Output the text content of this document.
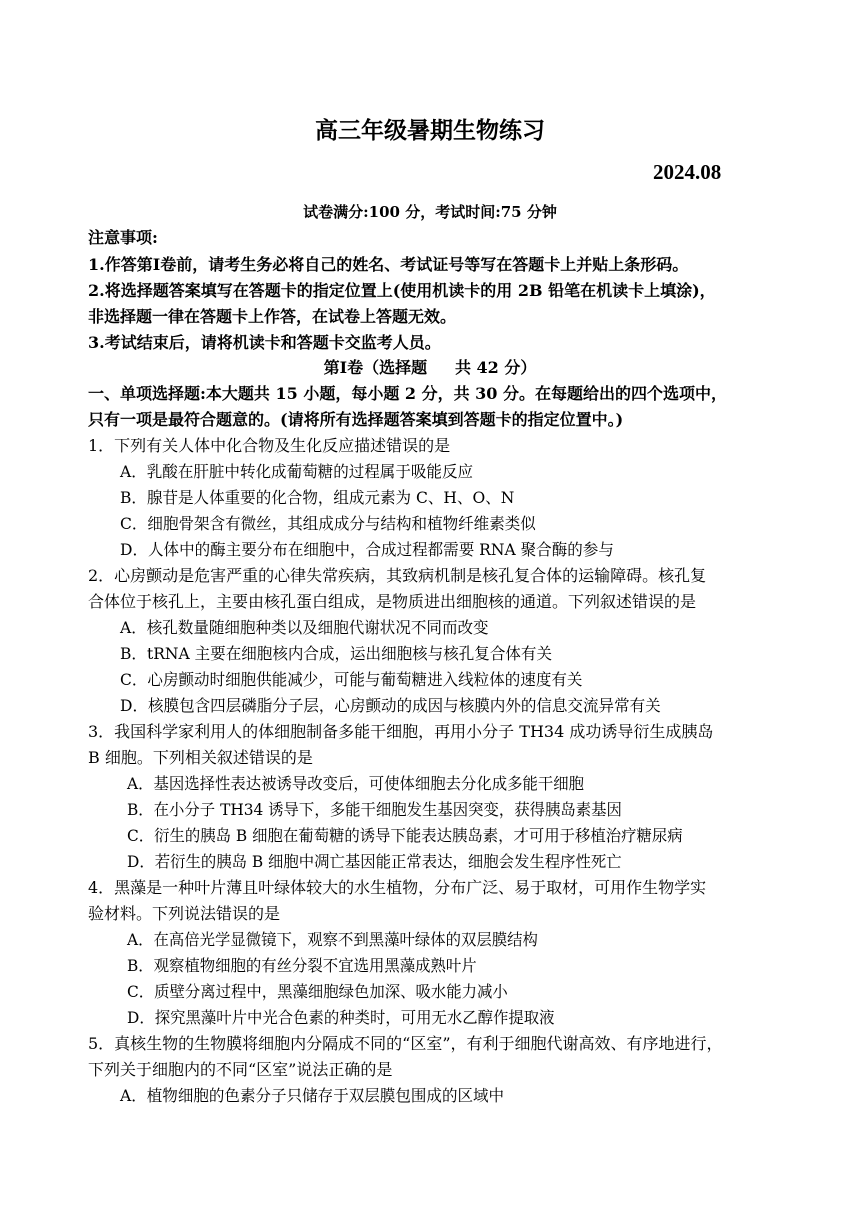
高三年级暑期生物练习
2024.08
试卷满分:100 分，考试时间:75 分钟
注意事项:
1.作答第Ⅰ卷前，请考生务必将自己的姓名、考试证号等写在答题卡上并贴上条形码。
2.将选择题答案填写在答题卡的指定位置上(使用机读卡的用 2B 铅笔在机读卡上填涂)，
非选择题一律在答题卡上作答，在试卷上答题无效。
3.考试结束后，请将机读卡和答题卡交监考人员。
第Ⅰ卷（选择题     共 42 分）
一、单项选择题:本大题共 15 小题，每小题 2 分，共 30 分。在每题给出的四个选项中，
只有一项是最符合题意的。(请将所有选择题答案填到答题卡的指定位置中。)
1．下列有关人体中化合物及生化反应描述错误的是
A．乳酸在肝脏中转化成葡萄糖的过程属于吸能反应
B．腺苷是人体重要的化合物，组成元素为 C、H、O、N
C．细胞骨架含有微丝，其组成成分与结构和植物纤维素类似
D．人体中的酶主要分布在细胞中，合成过程都需要 RNA 聚合酶的参与
2．心房颤动是危害严重的心律失常疾病，其致病机制是核孔复合体的运输障碍。核孔复
合体位于核孔上，主要由核孔蛋白组成，是物质进出细胞核的通道。下列叙述错误的是
A．核孔数量随细胞种类以及细胞代谢状况不同而改变
B．tRNA 主要在细胞核内合成，运出细胞核与核孔复合体有关
C．心房颤动时细胞供能减少，可能与葡萄糖进入线粒体的速度有关
D．核膜包含四层磷脂分子层，心房颤动的成因与核膜内外的信息交流异常有关
3．我国科学家利用人的体细胞制备多能干细胞，再用小分子 TH34 成功诱导衍生成胰岛
B 细胞。下列相关叙述错误的是
A．基因选择性表达被诱导改变后，可使体细胞去分化成多能干细胞
B．在小分子 TH34 诱导下，多能干细胞发生基因突变，获得胰岛素基因
C．衍生的胰岛 B 细胞在葡萄糖的诱导下能表达胰岛素，才可用于移植治疗糖尿病
D．若衍生的胰岛 B 细胞中凋亡基因能正常表达，细胞会发生程序性死亡
4．黑藻是一种叶片薄且叶绿体较大的水生植物，分布广泛、易于取材，可用作生物学实
验材料。下列说法错误的是
A．在高倍光学显微镜下，观察不到黑藻叶绿体的双层膜结构
B．观察植物细胞的有丝分裂不宜选用黑藻成熟叶片
C．质壁分离过程中，黑藻细胞绿色加深、吸水能力减小
D．探究黑藻叶片中光合色素的种类时，可用无水乙醇作提取液
5．真核生物的生物膜将细胞内分隔成不同的“区室”，有利于细胞代谢高效、有序地进行，
下列关于细胞内的不同“区室”说法正确的是
A．植物细胞的色素分子只储存于双层膜包围成的区域中
